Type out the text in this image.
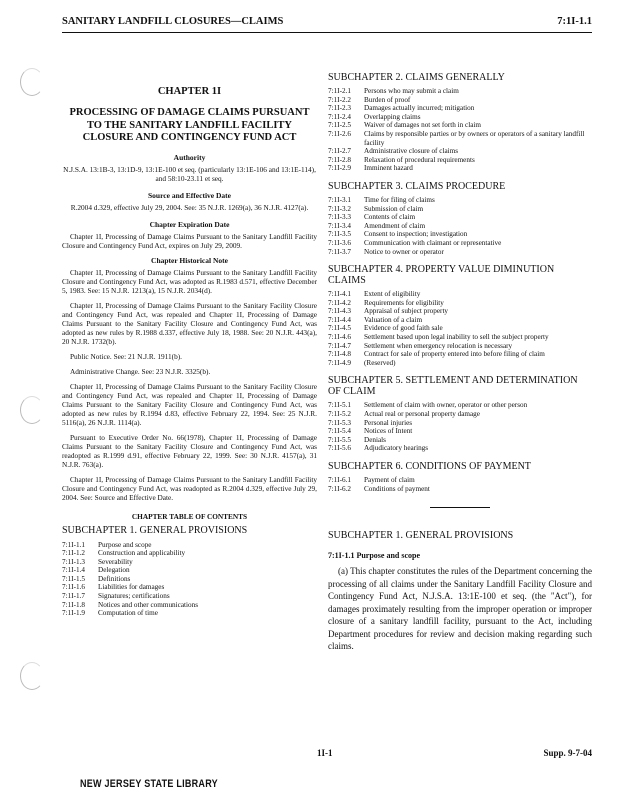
SANITARY LANDFILL CLOSURES—CLAIMS	7:1I-1.1
CHAPTER 1I
PROCESSING OF DAMAGE CLAIMS PURSUANT TO THE SANITARY LANDFILL FACILITY CLOSURE AND CONTINGENCY FUND ACT
Authority
N.J.S.A. 13:1B-3, 13:1D-9, 13:1E-100 et seq. (particularly 13:1E-106 and 13:1E-114), and 58:10-23.11 et seq.
Source and Effective Date
R.2004 d.329, effective July 29, 2004. See: 35 N.J.R. 1269(a), 36 N.J.R. 4127(a).
Chapter Expiration Date

Chapter 1I, Processing of Damage Claims Pursuant to the Sanitary Landfill Facility Closure and Contingency Fund Act, expires on July 29, 2009.

Chapter Historical Note

Chapter 1I, Processing of Damage Claims Pursuant to the Sanitary Landfill Facility Closure and Contingency Fund Act, was adopted as R.1983 d.571, effective December 5, 1983. See: 15 N.J.R. 1213(a), 15 N.J.R. 2034(d).

Chapter 1I, Processing of Damage Claims Pursuant to the Sanitary Facility Closure and Contingency Fund Act, was repealed and Chapter 1I, Processing of Damage Claims Pursuant to the Sanitary Facility Closure and Contingency Fund Act, was adopted as new rules by R.1988 d.337, effective July 18, 1988. See: 20 N.J.R. 443(a), 20 N.J.R. 1732(b).

Public Notice. See: 21 N.J.R. 1911(b).

Administrative Change. See: 23 N.J.R. 3325(b).

Chapter 1I, Processing of Damage Claims Pursuant to the Sanitary Facility Closure and Contingency Fund Act, was repealed and Chapter 1I, Processing of Damage Claims Pursuant to the Sanitary Facility Closure and Contingency Fund Act, was adopted as new rules by R.1994 d.83, effective February 22, 1994. See: 25 N.J.R. 5116(a), 26 N.J.R. 1114(a).

Pursuant to Executive Order No. 66(1978), Chapter 1I, Processing of Damage Claims Pursuant to the Sanitary Facility Closure and Contingency Fund Act, was readopted as R.1999 d.91, effective February 22, 1999. See: 30 N.J.R. 4157(a), 31 N.J.R. 763(a).

Chapter 1I, Processing of Damage Claims Pursuant to the Sanitary Landfill Facility Closure and Contingency Fund Act, was readopted as R.2004 d.329, effective July 29, 2004. See: Source and Effective Date.

CHAPTER TABLE OF CONTENTS
SUBCHAPTER 1. GENERAL PROVISIONS
7:1I-1.1	Purpose and scope
7:1I-1.2	Construction and applicability
7:1I-1.3	Severability
7:1I-1.4	Delegation
7:1I-1.5	Definitions
7:1I-1.6	Liabilities for damages
7:1I-1.7	Signatures; certifications
7:1I-1.8	Notices and other communications
7:1I-1.9	Computation of time
SUBCHAPTER 2. CLAIMS GENERALLY
7:1I-2.1	Persons who may submit a claim
7:1I-2.2	Burden of proof
7:1I-2.3	Damages actually incurred; mitigation
7:1I-2.4	Overlapping claims
7:1I-2.5	Waiver of damages not set forth in claim
7:1I-2.6	Claims by responsible parties or by owners or operators of a sanitary landfill facility
7:1I-2.7	Administrative closure of claims
7:1I-2.8	Relaxation of procedural requirements
7:1I-2.9	Imminent hazard
SUBCHAPTER 3. CLAIMS PROCEDURE
7:1I-3.1	Time for filing of claims
7:1I-3.2	Submission of claim
7:1I-3.3	Contents of claim
7:1I-3.4	Amendment of claim
7:1I-3.5	Consent to inspection; investigation
7:1I-3.6	Communication with claimant or representative
7:1I-3.7	Notice to owner or operator
SUBCHAPTER 4. PROPERTY VALUE DIMINUTION CLAIMS
7:1I-4.1	Extent of eligibility
7:1I-4.2	Requirements for eligibility
7:1I-4.3	Appraisal of subject property
7:1I-4.4	Valuation of a claim
7:1I-4.5	Evidence of good faith sale
7:1I-4.6	Settlement based upon legal inability to sell the subject property
7:1I-4.7	Settlement when emergency relocation is necessary
7:1I-4.8	Contract for sale of property entered into before filing of claim
7:1I-4.9	(Reserved)
SUBCHAPTER 5. SETTLEMENT AND DETERMINATION OF CLAIM
7:1I-5.1	Settlement of claim with owner, operator or other person
7:1I-5.2	Actual real or personal property damage
7:1I-5.3	Personal injuries
7:1I-5.4	Notices of Intent
7:1I-5.5	Denials
7:1I-5.6	Adjudicatory hearings
SUBCHAPTER 6. CONDITIONS OF PAYMENT
7:1I-6.1	Payment of claim
7:1I-6.2	Conditions of payment
SUBCHAPTER 1. GENERAL PROVISIONS
7:1I-1.1 Purpose and scope

(a) This chapter constitutes the rules of the Department concerning the processing of all claims under the Sanitary Landfill Facility Closure and Contingency Fund Act, N.J.S.A. 13:1E-100 et seq. (the "Act"), for damages proximately resulting from the improper operation or improper closure of a sanitary landfill facility, pursuant to the Act, including Department procedures for review and decision making regarding such claims.

1I-1	Supp. 9-7-04
NEW JERSEY STATE LIBRARY
